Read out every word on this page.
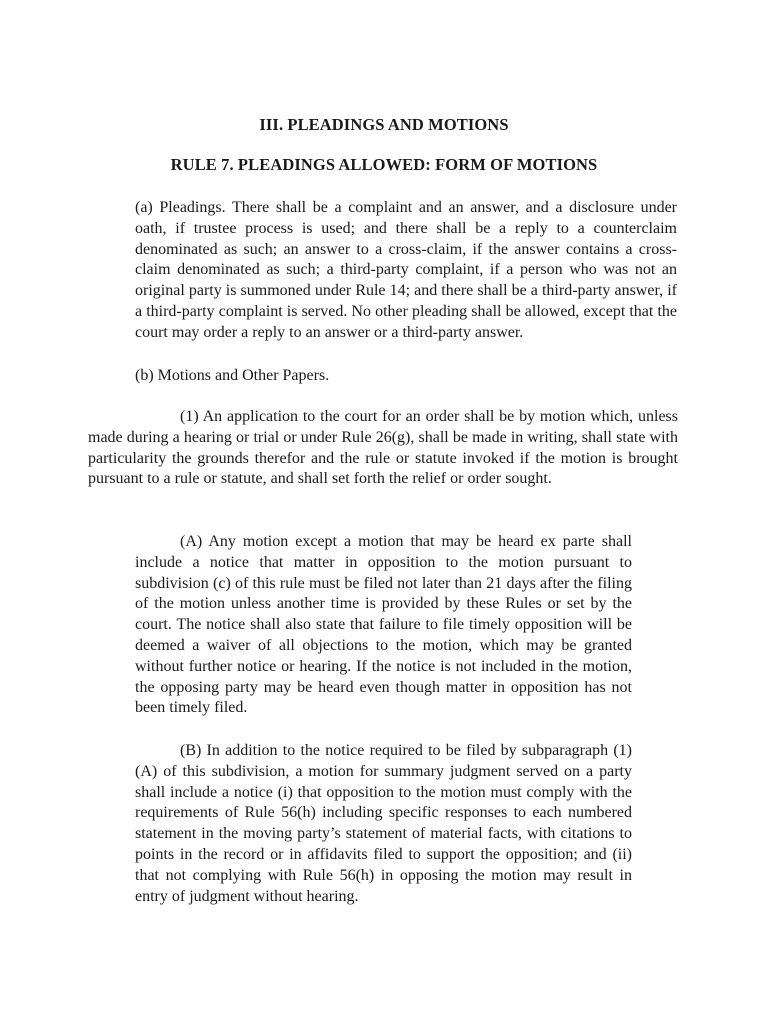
III. PLEADINGS AND MOTIONS
RULE 7. PLEADINGS ALLOWED: FORM OF MOTIONS

(a) Pleadings. There shall be a complaint and an answer, and a disclosure under oath, if trustee process is used; and there shall be a reply to a counterclaim denominated as such; an answer to a cross-claim, if the answer contains a cross-claim denominated as such; a third-party complaint, if a person who was not an original party is summoned under Rule 14; and there shall be a third-party answer, if a third-party complaint is served. No other pleading shall be allowed, except that the court may order a reply to an answer or a third-party answer.

(b) Motions and Other Papers.

(1) An application to the court for an order shall be by motion which, unless made during a hearing or trial or under Rule 26(g), shall be made in writing, shall state with particularity the grounds therefor and the rule or statute invoked if the motion is brought pursuant to a rule or statute, and shall set forth the relief or order sought.

(A) Any motion except a motion that may be heard ex parte shall include a notice that matter in opposition to the motion pursuant to subdivision (c) of this rule must be filed not later than 21 days after the filing of the motion unless another time is provided by these Rules or set by the court. The notice shall also state that failure to file timely opposition will be deemed a waiver of all objections to the motion, which may be granted without further notice or hearing. If the notice is not included in the motion, the opposing party may be heard even though matter in opposition has not been timely filed.

(B) In addition to the notice required to be filed by subparagraph (1)(A) of this subdivision, a motion for summary judgment served on a party shall include a notice (i) that opposition to the motion must comply with the requirements of Rule 56(h) including specific responses to each numbered statement in the moving party’s statement of material facts, with citations to points in the record or in affidavits filed to support the opposition; and (ii) that not complying with Rule 56(h) in opposing the motion may result in entry of judgment without hearing.
